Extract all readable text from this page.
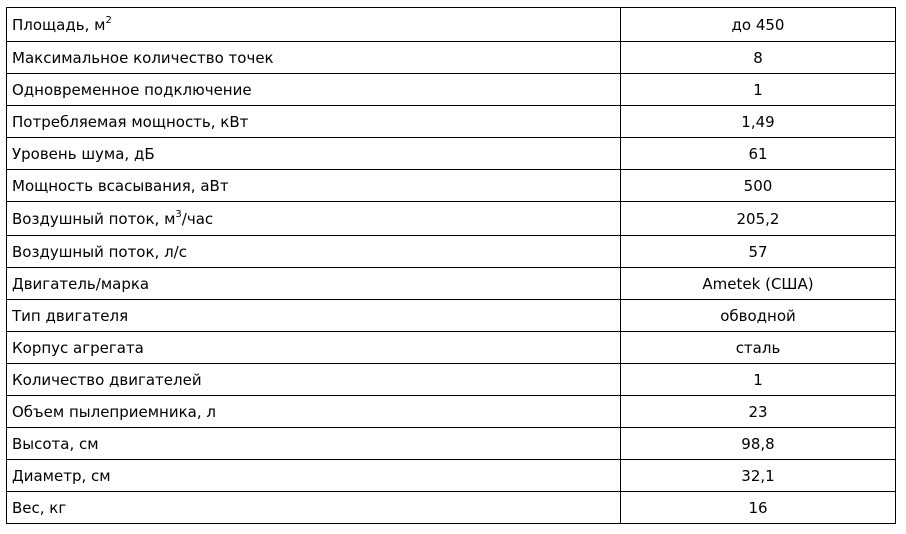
Площадь, $м^2$	до 450
Максимальное количество точек	8
Одновременное подключение	1
Потребляемая мощность, кВт	1,49
Уровень шума, дБ	61
Мощность всасывания, аВт	500
Воздушный поток, $м^3$/час	205,2
Воздушный поток, л/с	57
Двигатель/марка	Ametek (США)
Тип двигателя	обводной
Корпус агрегата	сталь
Количество двигателей	1
Объем пылеприемника, л	23
Высота, см	98,8
Диаметр, см	32,1
Вес, кг	16
